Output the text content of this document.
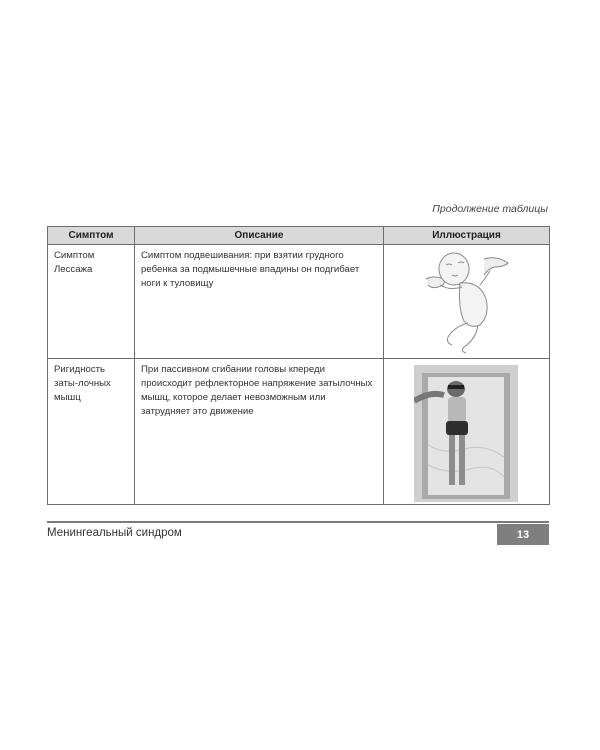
Продолжение таблицы
Симптом	Описание	Иллюстрация
Симптом Лессажа	Симптом подвешивания: при взятии грудного ребенка за подмышечные впадины он подгибает ноги к туловищу	

Ригидность заты-лочных мышц	При пассивном сгибании головы кпереди происходит рефлекторное напряжение затылочных мышц, которое делает невозможным или затрудняет это движение	
Менингеальный синдром	13
